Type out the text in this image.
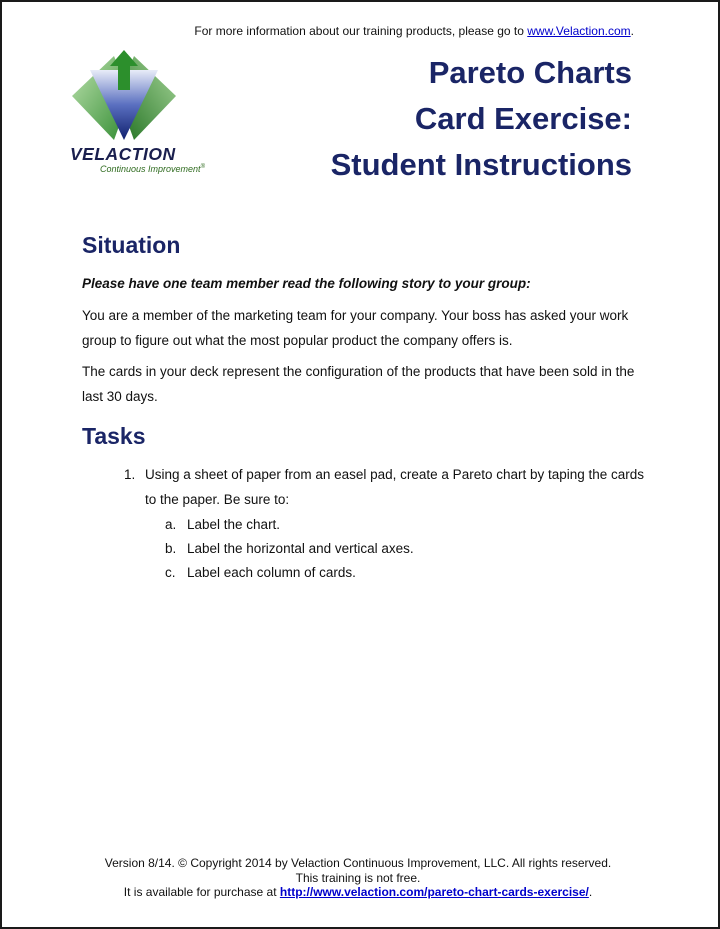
For more information about our training products, please go to www.Velaction.com.
VELACTION
Continuous Improvement®
Pareto Charts
Card Exercise:
Student Instructions
Situation

Please have one team member read the following story to your group:

You are a member of the marketing team for your company. Your boss has asked your work group to figure out what the most popular product the company offers is.

The cards in your deck represent the configuration of the products that have been sold in the last 30 days.

Tasks
1. Using a sheet of paper from an easel pad, create a Pareto chart by taping the cards to the paper. Be sure to:
a. Label the chart.
b. Label the horizontal and vertical axes.
c. Label each column of cards.
Version 8/14. © Copyright 2014 by Velaction Continuous Improvement, LLC. All rights reserved.
This training is not free.
It is available for purchase at http://www.velaction.com/pareto-chart-cards-exercise/.
